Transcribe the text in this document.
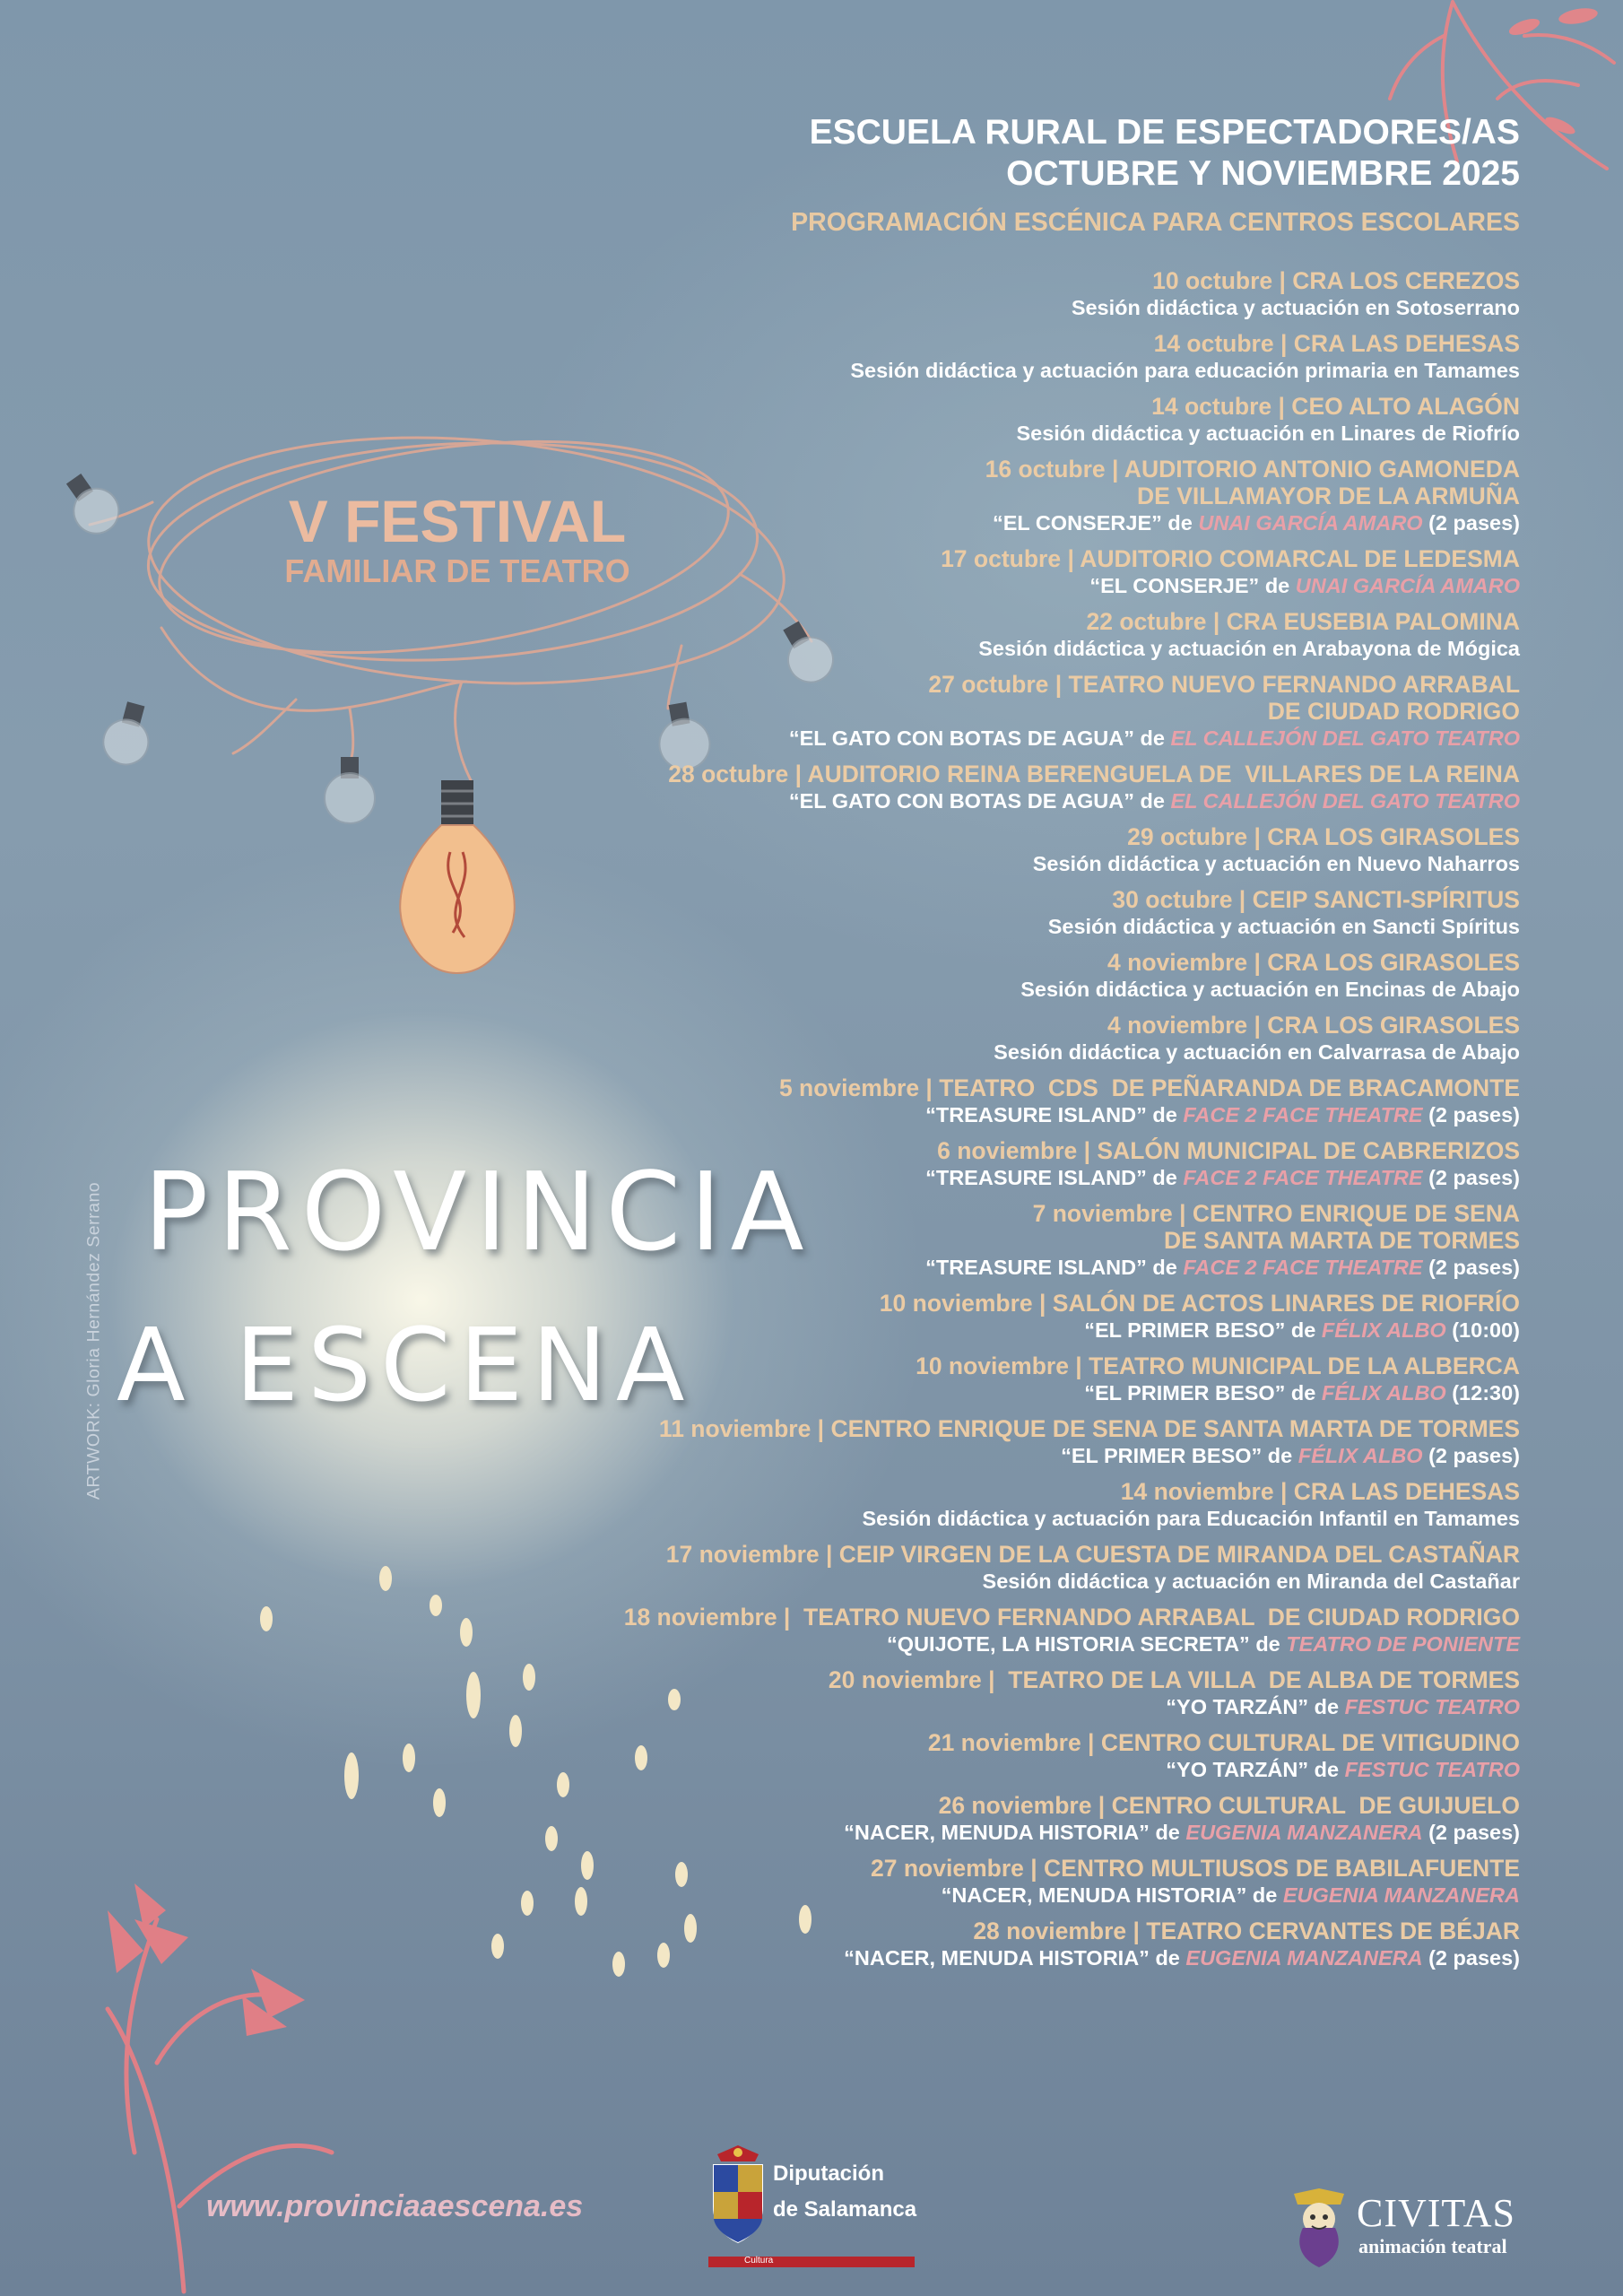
ESCUELA RURAL DE ESPECTADORES/AS
OCTUBRE Y NOVIEMBRE 2025
PROGRAMACIÓN ESCÉNICA PARA CENTROS ESCOLARES
10 octubre | CRA LOS CEREZOS
Sesión didáctica y actuación en Sotoserrano
14 octubre | CRA LAS DEHESAS
Sesión didáctica y actuación para educación primaria en Tamames
14 octubre | CEO ALTO ALAGÓN
Sesión didáctica y actuación en Linares de Riofrío
16 octubre | AUDITORIO ANTONIO GAMONEDA
DE VILLAMAYOR DE LA ARMUÑA
“EL CONSERJE” de UNAI GARCÍA AMARO (2 pases)
17 octubre | AUDITORIO COMARCAL DE LEDESMA
“EL CONSERJE” de UNAI GARCÍA AMARO
22 octubre | CRA EUSEBIA PALOMINA
Sesión didáctica y actuación en Arabayona de Mógica
27 octubre | TEATRO NUEVO FERNANDO ARRABAL
DE CIUDAD RODRIGO
“EL GATO CON BOTAS DE AGUA” de EL CALLEJÓN DEL GATO TEATRO
28 octubre | AUDITORIO REINA BERENGUELA DE  VILLARES DE LA REINA
“EL GATO CON BOTAS DE AGUA” de EL CALLEJÓN DEL GATO TEATRO
29 octubre | CRA LOS GIRASOLES
Sesión didáctica y actuación en Nuevo Naharros
30 octubre | CEIP SANCTI-SPÍRITUS
Sesión didáctica y actuación en Sancti Spíritus
4 noviembre | CRA LOS GIRASOLES
Sesión didáctica y actuación en Encinas de Abajo
4 noviembre | CRA LOS GIRASOLES
Sesión didáctica y actuación en Calvarrasa de Abajo
5 noviembre | TEATRO  CDS  DE PEÑARANDA DE BRACAMONTE
“TREASURE ISLAND” de FACE 2 FACE THEATRE (2 pases)
6 noviembre | SALÓN MUNICIPAL DE CABRERIZOS
“TREASURE ISLAND” de FACE 2 FACE THEATRE (2 pases)
7 noviembre | CENTRO ENRIQUE DE SENA
DE SANTA MARTA DE TORMES
“TREASURE ISLAND” de FACE 2 FACE THEATRE (2 pases)
10 noviembre | SALÓN DE ACTOS LINARES DE RIOFRÍO
“EL PRIMER BESO” de FÉLIX ALBO (10:00)
10 noviembre | TEATRO MUNICIPAL DE LA ALBERCA
“EL PRIMER BESO” de FÉLIX ALBO (12:30)
11 noviembre | CENTRO ENRIQUE DE SENA DE SANTA MARTA DE TORMES
“EL PRIMER BESO” de FÉLIX ALBO (2 pases)
14 noviembre | CRA LAS DEHESAS
Sesión didáctica y actuación para Educación Infantil en Tamames
17 noviembre | CEIP VIRGEN DE LA CUESTA DE MIRANDA DEL CASTAÑAR
Sesión didáctica y actuación en Miranda del Castañar
18 noviembre |  TEATRO NUEVO FERNANDO ARRABAL  DE CIUDAD RODRIGO
“QUIJOTE, LA HISTORIA SECRETA” de TEATRO DE PONIENTE
20 noviembre |  TEATRO DE LA VILLA  DE ALBA DE TORMES
“YO TARZÁN” de FESTUC TEATRO
21 noviembre | CENTRO CULTURAL DE VITIGUDINO
“YO TARZÁN” de FESTUC TEATRO
26 noviembre | CENTRO CULTURAL  DE GUIJUELO
“NACER, MENUDA HISTORIA” de EUGENIA MANZANERA (2 pases)
27 noviembre | CENTRO MULTIUSOS DE BABILAFUENTE
“NACER, MENUDA HISTORIA” de EUGENIA MANZANERA
28 noviembre | TEATRO CERVANTES DE BÉJAR
“NACER, MENUDA HISTORIA” de EUGENIA MANZANERA (2 pases)
V FESTIVAL
FAMILIAR DE TEATRO
PROVINCIA
A ESCENA
ARTWORK: Gloria Hernández Serrano
www.provinciaaescena.es
Diputación
de Salamanca
Cultura
CIVITAS
animación teatral
